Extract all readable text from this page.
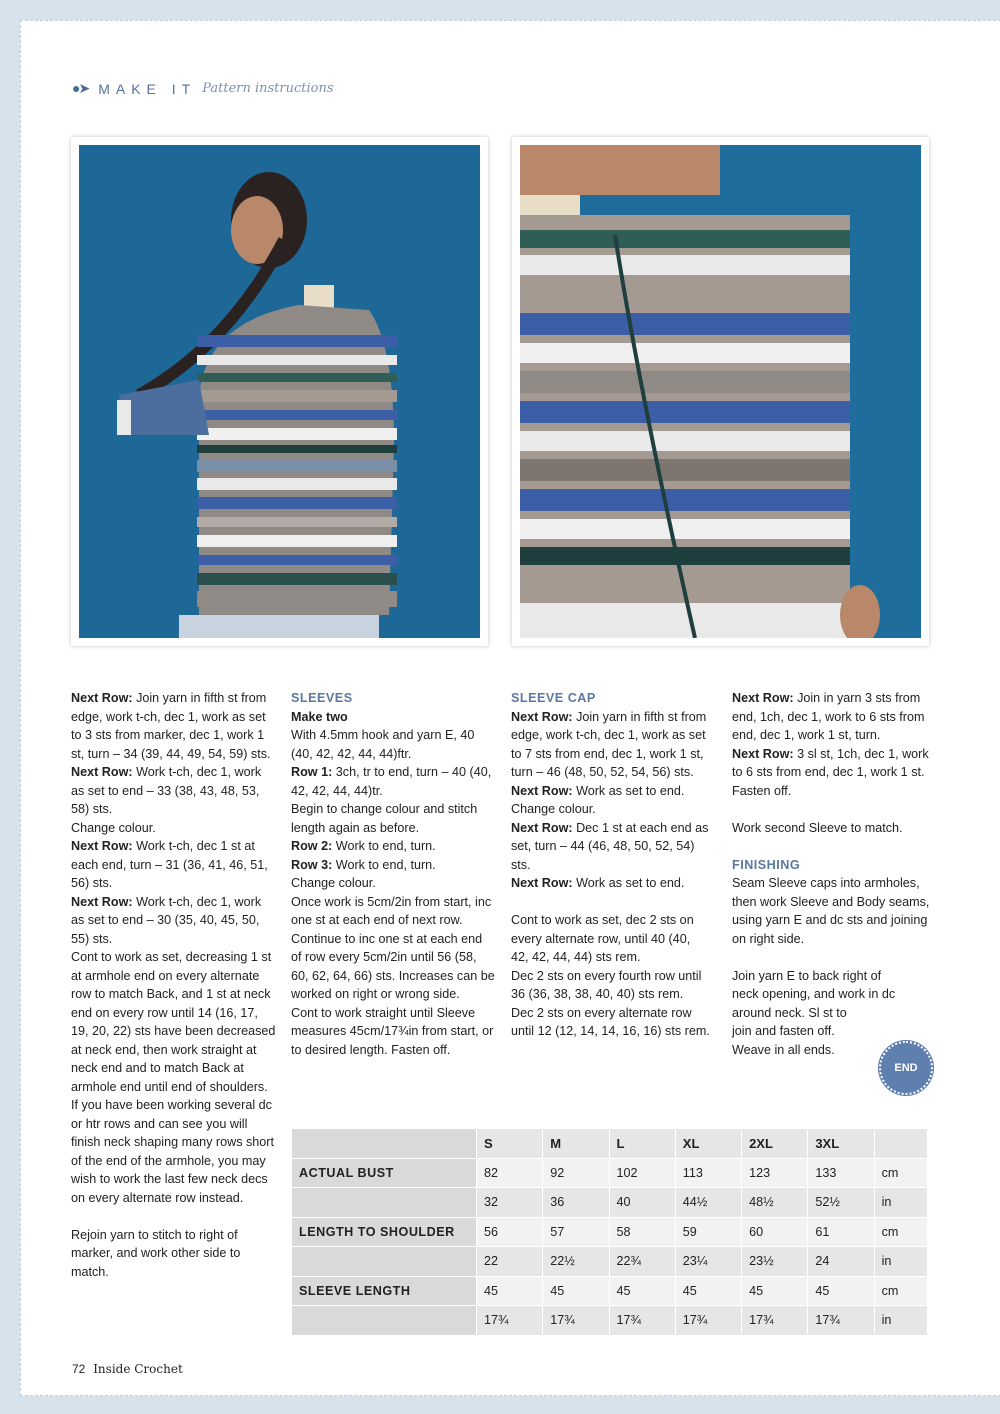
●➤ MAKE IT Pattern instructions

Next Row: Join yarn in fifth st from edge, work t-ch, dec 1, work as set to 3 sts from marker, dec 1, work 1 st, turn – 34 (39, 44, 49, 54, 59) sts.

Next Row: Work t-ch, dec 1, work as set to end – 33 (38, 43, 48, 53, 58) sts.

Change colour.

Next Row: Work t-ch, dec 1 st at each end, turn – 31 (36, 41, 46, 51, 56) sts.

Next Row: Work t-ch, dec 1, work as set to end – 30 (35, 40, 45, 50, 55) sts.

Cont to work as set, decreasing 1 st at armhole end on every alternate row to match Back, and 1 st at neck end on every row until 14 (16, 17, 19, 20, 22) sts have been decreased at neck end, then work straight at neck end and to match Back at armhole end until end of shoulders.

If you have been working several dc or htr rows and can see you will finish neck shaping many rows short of the end of the armhole, you may wish to work the last few neck decs on every alternate row instead.

Rejoin yarn to stitch to right of marker, and work other side to match.

SLEEVES

Make two

With 4.5mm hook and yarn E, 40 (40, 42, 42, 44, 44)ftr.

Row 1: 3ch, tr to end, turn – 40 (40, 42, 42, 44, 44)tr.

Begin to change colour and stitch length again as before.

Row 2: Work to end, turn.

Row 3: Work to end, turn.

Change colour.

Once work is 5cm/2in from start, inc one st at each end of next row. Continue to inc one st at each end of row every 5cm/2in until 56 (58, 60, 62, 64, 66) sts. Increases can be worked on right or wrong side.

Cont to work straight until Sleeve measures 45cm/17¾in from start, or to desired length. Fasten off.

SLEEVE CAP

Next Row: Join yarn in fifth st from edge, work t-ch, dec 1, work as set to 7 sts from end, dec 1, work 1 st, turn – 46 (48, 50, 52, 54, 56) sts.

Next Row: Work as set to end.

Change colour.

Next Row: Dec 1 st at each end as set, turn – 44 (46, 48, 50, 52, 54) sts.

Next Row: Work as set to end.

Cont to work as set, dec 2 sts on every alternate row, until 40 (40, 42, 42, 44, 44) sts rem.

Dec 2 sts on every fourth row until 36 (36, 38, 38, 40, 40) sts rem.

Dec 2 sts on every alternate row until 12 (12, 14, 14, 16, 16) sts rem.

Next Row: Join in yarn 3 sts from end, 1ch, dec 1, work to 6 sts from end, dec 1, work 1 st, turn.

Next Row: 3 sl st, 1ch, dec 1, work to 6 sts from end, dec 1, work 1 st.

Fasten off.

Work second Sleeve to match.

FINISHING

Seam Sleeve caps into armholes, then work Sleeve and Body seams, using yarn E and dc sts and joining on right side.

Join yarn E to back right of

neck opening, and work in dc

around neck. Sl st to

join and fasten off.

Weave in all ends.

END
	S	M	L	XL	2XL	3XL	
ACTUAL BUST	82	92	102	113	123	133	cm
	32	36	40	44½	48½	52½	in
LENGTH TO SHOULDER	56	57	58	59	60	61	cm
	22	22½	22¾	23¼	23½	24	in
SLEEVE LENGTH	45	45	45	45	45	45	cm
	17¾	17¾	17¾	17¾	17¾	17¾	in
72 Inside Crochet
